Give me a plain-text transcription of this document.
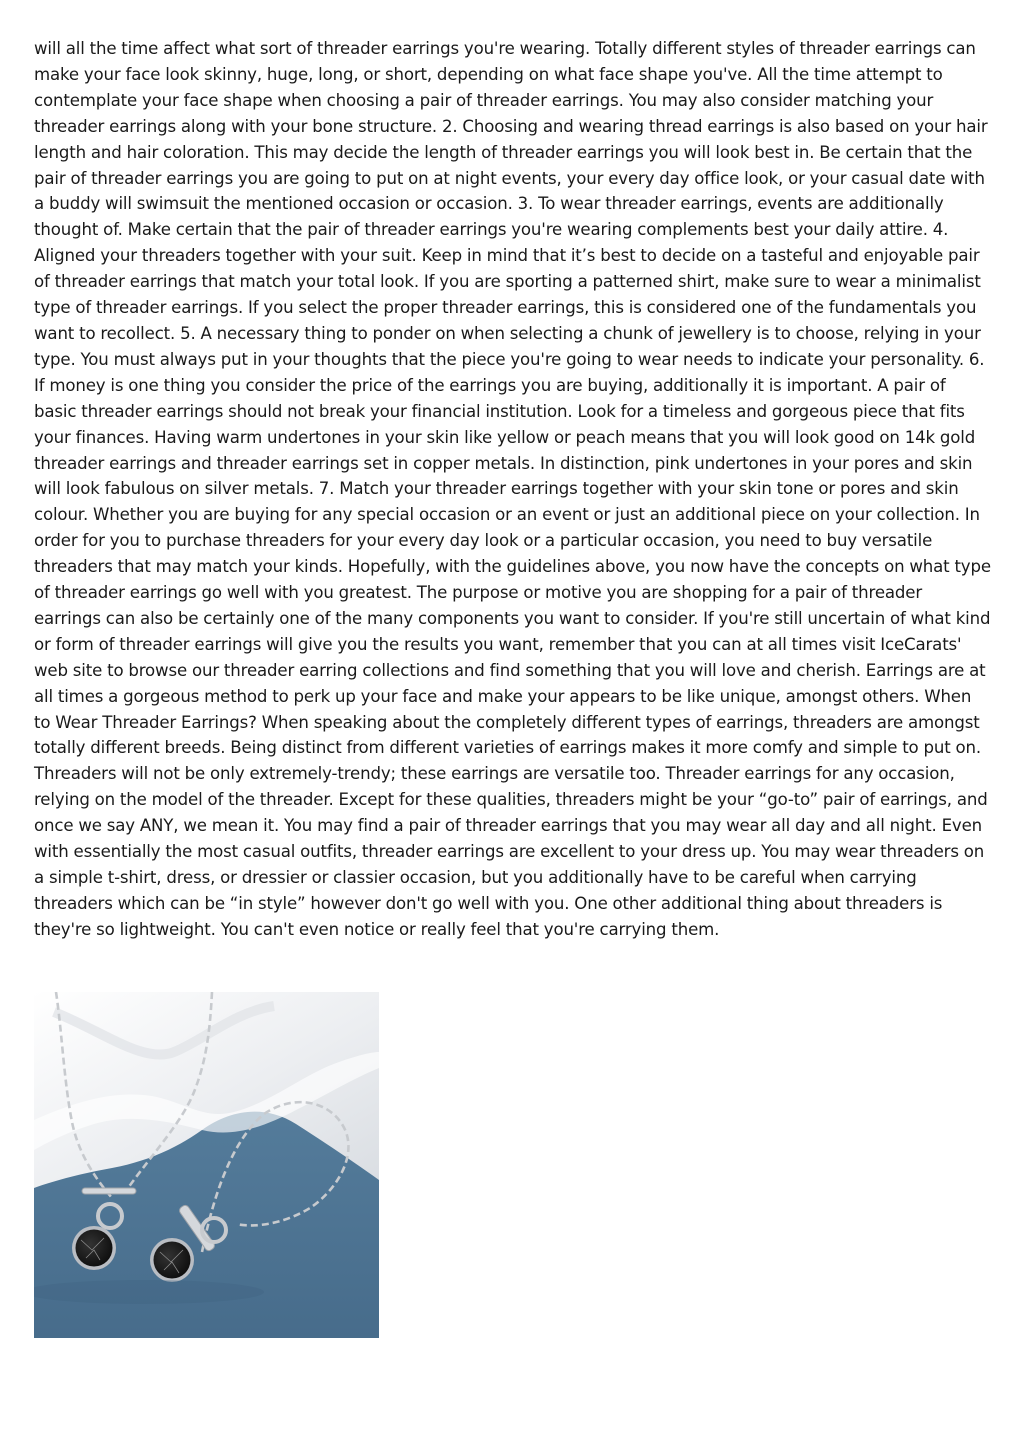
will all the time affect what sort of threader earrings you're wearing. Totally different styles of threader earrings can make your face look skinny, huge, long, or short, depending on what face shape you've. All the time attempt to contemplate your face shape when choosing a pair of threader earrings. You may also consider matching your threader earrings along with your bone structure. 2. Choosing and wearing thread earrings is also based on your hair length and hair coloration. This may decide the length of threader earrings you will look best in. Be certain that the pair of threader earrings you are going to put on at night events, your every day office look, or your casual date with a buddy will swimsuit the mentioned occasion or occasion. 3. To wear threader earrings, events are additionally thought of. Make certain that the pair of threader earrings you're wearing complements best your daily attire. 4. Aligned your threaders together with your suit. Keep in mind that it’s best to decide on a tasteful and enjoyable pair of threader earrings that match your total look. If you are sporting a patterned shirt, make sure to wear a minimalist type of threader earrings. If you select the proper threader earrings, this is considered one of the fundamentals you want to recollect. 5. A necessary thing to ponder on when selecting a chunk of jewellery is to choose, relying in your type. You must always put in your thoughts that the piece you're going to wear needs to indicate your personality. 6. If money is one thing you consider the price of the earrings you are buying, additionally it is important. A pair of basic threader earrings should not break your financial institution. Look for a timeless and gorgeous piece that fits your finances. Having warm undertones in your skin like yellow or peach means that you will look good on 14k gold threader earrings and threader earrings set in copper metals. In distinction, pink undertones in your pores and skin will look fabulous on silver metals. 7. Match your threader earrings together with your skin tone or pores and skin colour. Whether you are buying for any special occasion or an event or just an additional piece on your collection. In order for you to purchase threaders for your every day look or a particular occasion, you need to buy versatile threaders that may match your kinds. Hopefully, with the guidelines above, you now have the concepts on what type of threader earrings go well with you greatest. The purpose or motive you are shopping for a pair of threader earrings can also be certainly one of the many components you want to consider. If you're still uncertain of what kind or form of threader earrings will give you the results you want, remember that you can at all times visit IceCarats' web site to browse our threader earring collections and find something that you will love and cherish. Earrings are at all times a gorgeous method to perk up your face and make your appears to be like unique, amongst others. When to Wear Threader Earrings? When speaking about the completely different types of earrings, threaders are amongst totally different breeds. Being distinct from different varieties of earrings makes it more comfy and simple to put on. Threaders will not be only extremely-trendy; these earrings are versatile too. Threader earrings for any occasion, relying on the model of the threader. Except for these qualities, threaders might be your “go-to” pair of earrings, and once we say ANY, we mean it. You may find a pair of threader earrings that you may wear all day and all night. Even with essentially the most casual outfits, threader earrings are excellent to your dress up. You may wear threaders on a simple t-shirt, dress, or dressier or classier occasion, but you additionally have to be careful when carrying threaders which can be “in style” however don't go well with you. One other additional thing about threaders is they're so lightweight. You can't even notice or really feel that you're carrying them.
